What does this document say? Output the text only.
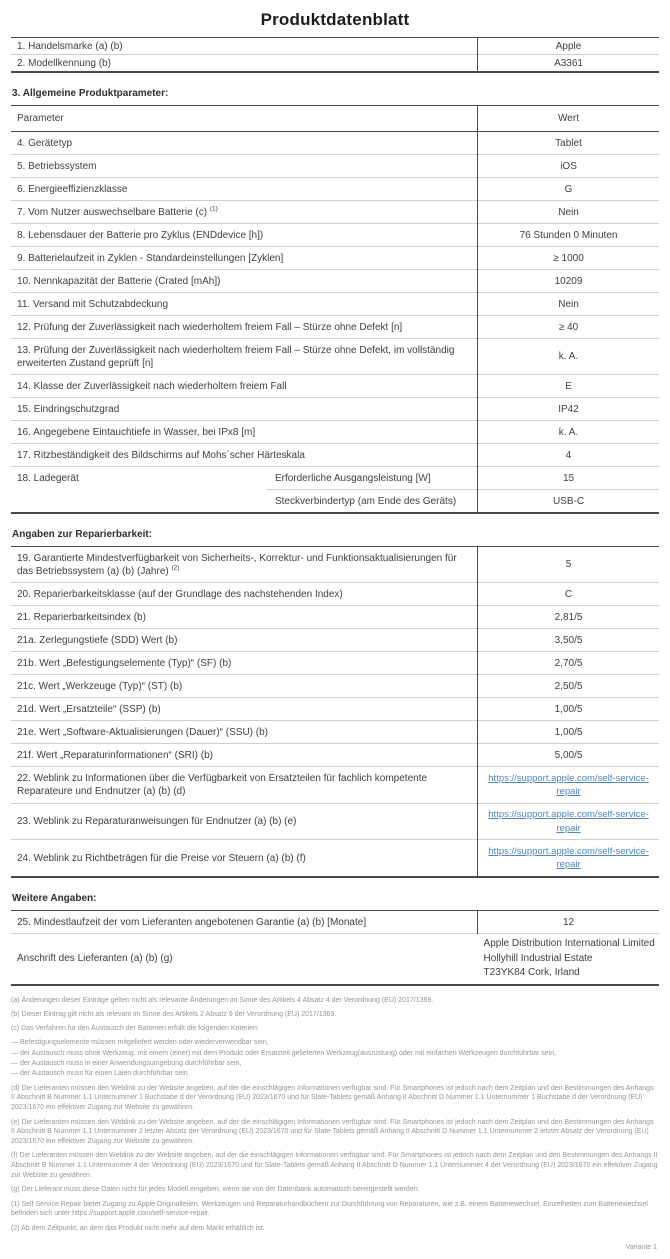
Produktdatenblatt
1. Handelsmarke (a) (b)	Apple
2. Modellkennung (b)	A3361
3. Allgemeine Produktparameter:
Parameter		Wert
4. Gerätetyp		Tablet
5. Betriebssystem		iOS
6. Energieeffizienzklasse		G
7. Vom Nutzer auswechselbare Batterie (c) $^{(1)}$		Nein
8. Lebensdauer der Batterie pro Zyklus (ENDdevice [h])		76 Stunden 0 Minuten
9. Batterielaufzeit in Zyklen - Standardeinstellungen [Zyklen]		≥ 1000
10. Nennkapazität der Batterie (Crated [mAh])		10209
11. Versand mit Schutzabdeckung		Nein
12. Prüfung der Zuverlässigkeit nach wiederholtem freiem Fall – Stürze ohne Defekt [n]		≥ 40
13. Prüfung der Zuverlässigkeit nach wiederholtem freiem Fall – Stürze ohne Defekt, im vollständig erweiterten Zustand geprüft [n]		k. A.
14. Klasse der Zuverlässigkeit nach wiederholtem freiem Fall		E
15. Eindringschutzgrad		IP42
16. Angegebene Eintauchtiefe in Wasser, bei IPx8 [m]		k. A.
17. Ritzbeständigkeit des Bildschirms auf Mohs´scher Härteskala		4
18. Ladegerät	Erforderliche Ausgangsleistung [W]	15
	Steckverbindertyp (am Ende des Geräts)	USB-C
Angaben zur Reparierbarkeit:
19. Garantierte Mindestverfügbarkeit von Sicherheits-, Korrektur- und Funktionsaktualisierungen für das Betriebssystem (a) (b) (Jahre) $^{(2)}$	5
20. Reparierbarkeitsklasse (auf der Grundlage des nachstehenden Index)	C
21. Reparierbarkeitsindex (b)	2,81/5
21a. Zerlegungstiefe (SDD) Wert (b)	3,50/5
21b. Wert „Befestigungselemente (Typ)“ (SF) (b)	2,70/5
21c. Wert „Werkzeuge (Typ)“ (ST) (b)	2,50/5
21d. Wert „Ersatzteile“ (SSP) (b)	1,00/5
21e. Wert „Software-Aktualisierungen (Dauer)“ (SSU) (b)	1,00/5
21f. Wert „Reparaturinformationen“ (SRI) (b)	5,00/5
22. Weblink zu Informationen über die Verfügbarkeit von Ersatzteilen für fachlich kompetente Reparateure und Endnutzer (a) (b) (d)	https://support.apple.com/self-service-repair
23. Weblink zu Reparaturanweisungen für Endnutzer (a) (b) (e)	https://support.apple.com/self-service-repair
24. Weblink zu Richtbeträgen für die Preise vor Steuern (a) (b) (f)	https://support.apple.com/self-service-repair
Weitere Angaben:
25. Mindestlaufzeit der vom Lieferanten angebotenen Garantie (a) (b) [Monate]	12
Anschrift des Lieferanten (a) (b) (g)	Apple Distribution International Limited
Hollyhill Industrial Estate
T23YK84 Cork, Irland

(a) Änderungen dieser Einträge gelten nicht als relevante Änderungen im Sinne des Artikels 4 Absatz 4 der Verordnung (EU) 2017/1369.

(b) Dieser Eintrag gilt nicht als relevant im Sinne des Artikels 2 Absatz 6 der Verordnung (EU) 2017/1369.

(c) Das Verfahren für den Austausch der Batterien erfüllt die folgenden Kriterien:

— Befestigungselemente müssen mitgeliefert werden oder wiederverwendbar sein,

— der Austausch muss ohne Werkzeug, mit einem (einer) mit dem Produkt oder Ersatzteil gelieferten Werkzeug(ausrüstung) oder mit einfachen Werkzeugen durchführbar sein,

— der Austausch muss in einer Anwendungsumgebung durchführbar sein,

— der Austausch muss für einen Laien durchführbar sein.

(d) Die Lieferanten müssen den Weblink zu der Website angeben, auf der die einschlägigen Informationen verfügbar sind. Für Smartphones ist jedoch nach dem Zeitplan und den Bestimmungen des Anhangs II Abschnitt B Nummer 1.1 Unternummer 1 Buchstabe d der Verordnung (EU) 2023/1670 und für Slate-Tablets gemäß Anhang II Abschnitt D Nummer 1.1 Unternummer 1 Buchstabe d der Verordnung (EU) 2023/1670 ein effektiver Zugang zur Website zu gewähren.

(e) Die Lieferanten müssen den Weblink zu der Website angeben, auf der die einschlägigen Informationen verfügbar sind. Für Smartphones ist jedoch nach dem Zeitplan und den Bestimmungen des Anhangs II Abschnitt B Nummer 1.1 Unternummer 2 letzter Absatz der Verordnung (EU) 2023/1670 und für Slate-Tablets gemäß Anhang II Abschnitt D Nummer 1.1 Unternummer 2 letzter Absatz der Verordnung (EU) 2023/1670 ein effektiver Zugang zur Website zu gewähren.

(f) Die Lieferanten müssen den Weblink zu der Website angeben, auf der die einschlägigen Informationen verfügbar sind. Für Smartphones ist jedoch nach dem Zeitplan und den Bestimmungen des Anhangs II Abschnitt B Nummer 1.1 Unternummer 4 der Verordnung (EU) 2023/1670 und für Slate-Tablets gemäß Anhang II Abschnitt D Nummer 1.1 Unternummer 4 der Verordnung (EU) 2023/1670 ein effektiver Zugang zur Website zu gewähren.

(g) Der Lieferant muss diese Daten nicht für jedes Modell eingeben, wenn sie von der Datenbank automatisch bereitgestellt werden.

(1) Self Service Repair bietet Zugang zu Apple Originalteilen, Werkzeugen und Reparaturhandbüchern zur Durchführung von Reparaturen, wie z.B. einem Batteriewechsel. Einzelheiten zum Batteriewechsel befinden sich unter https://support.apple.com/self-service-repair.

(2) Ab dem Zeitpunkt, an dem das Produkt nicht mehr auf dem Markt erhältlich ist.

Variante 1
